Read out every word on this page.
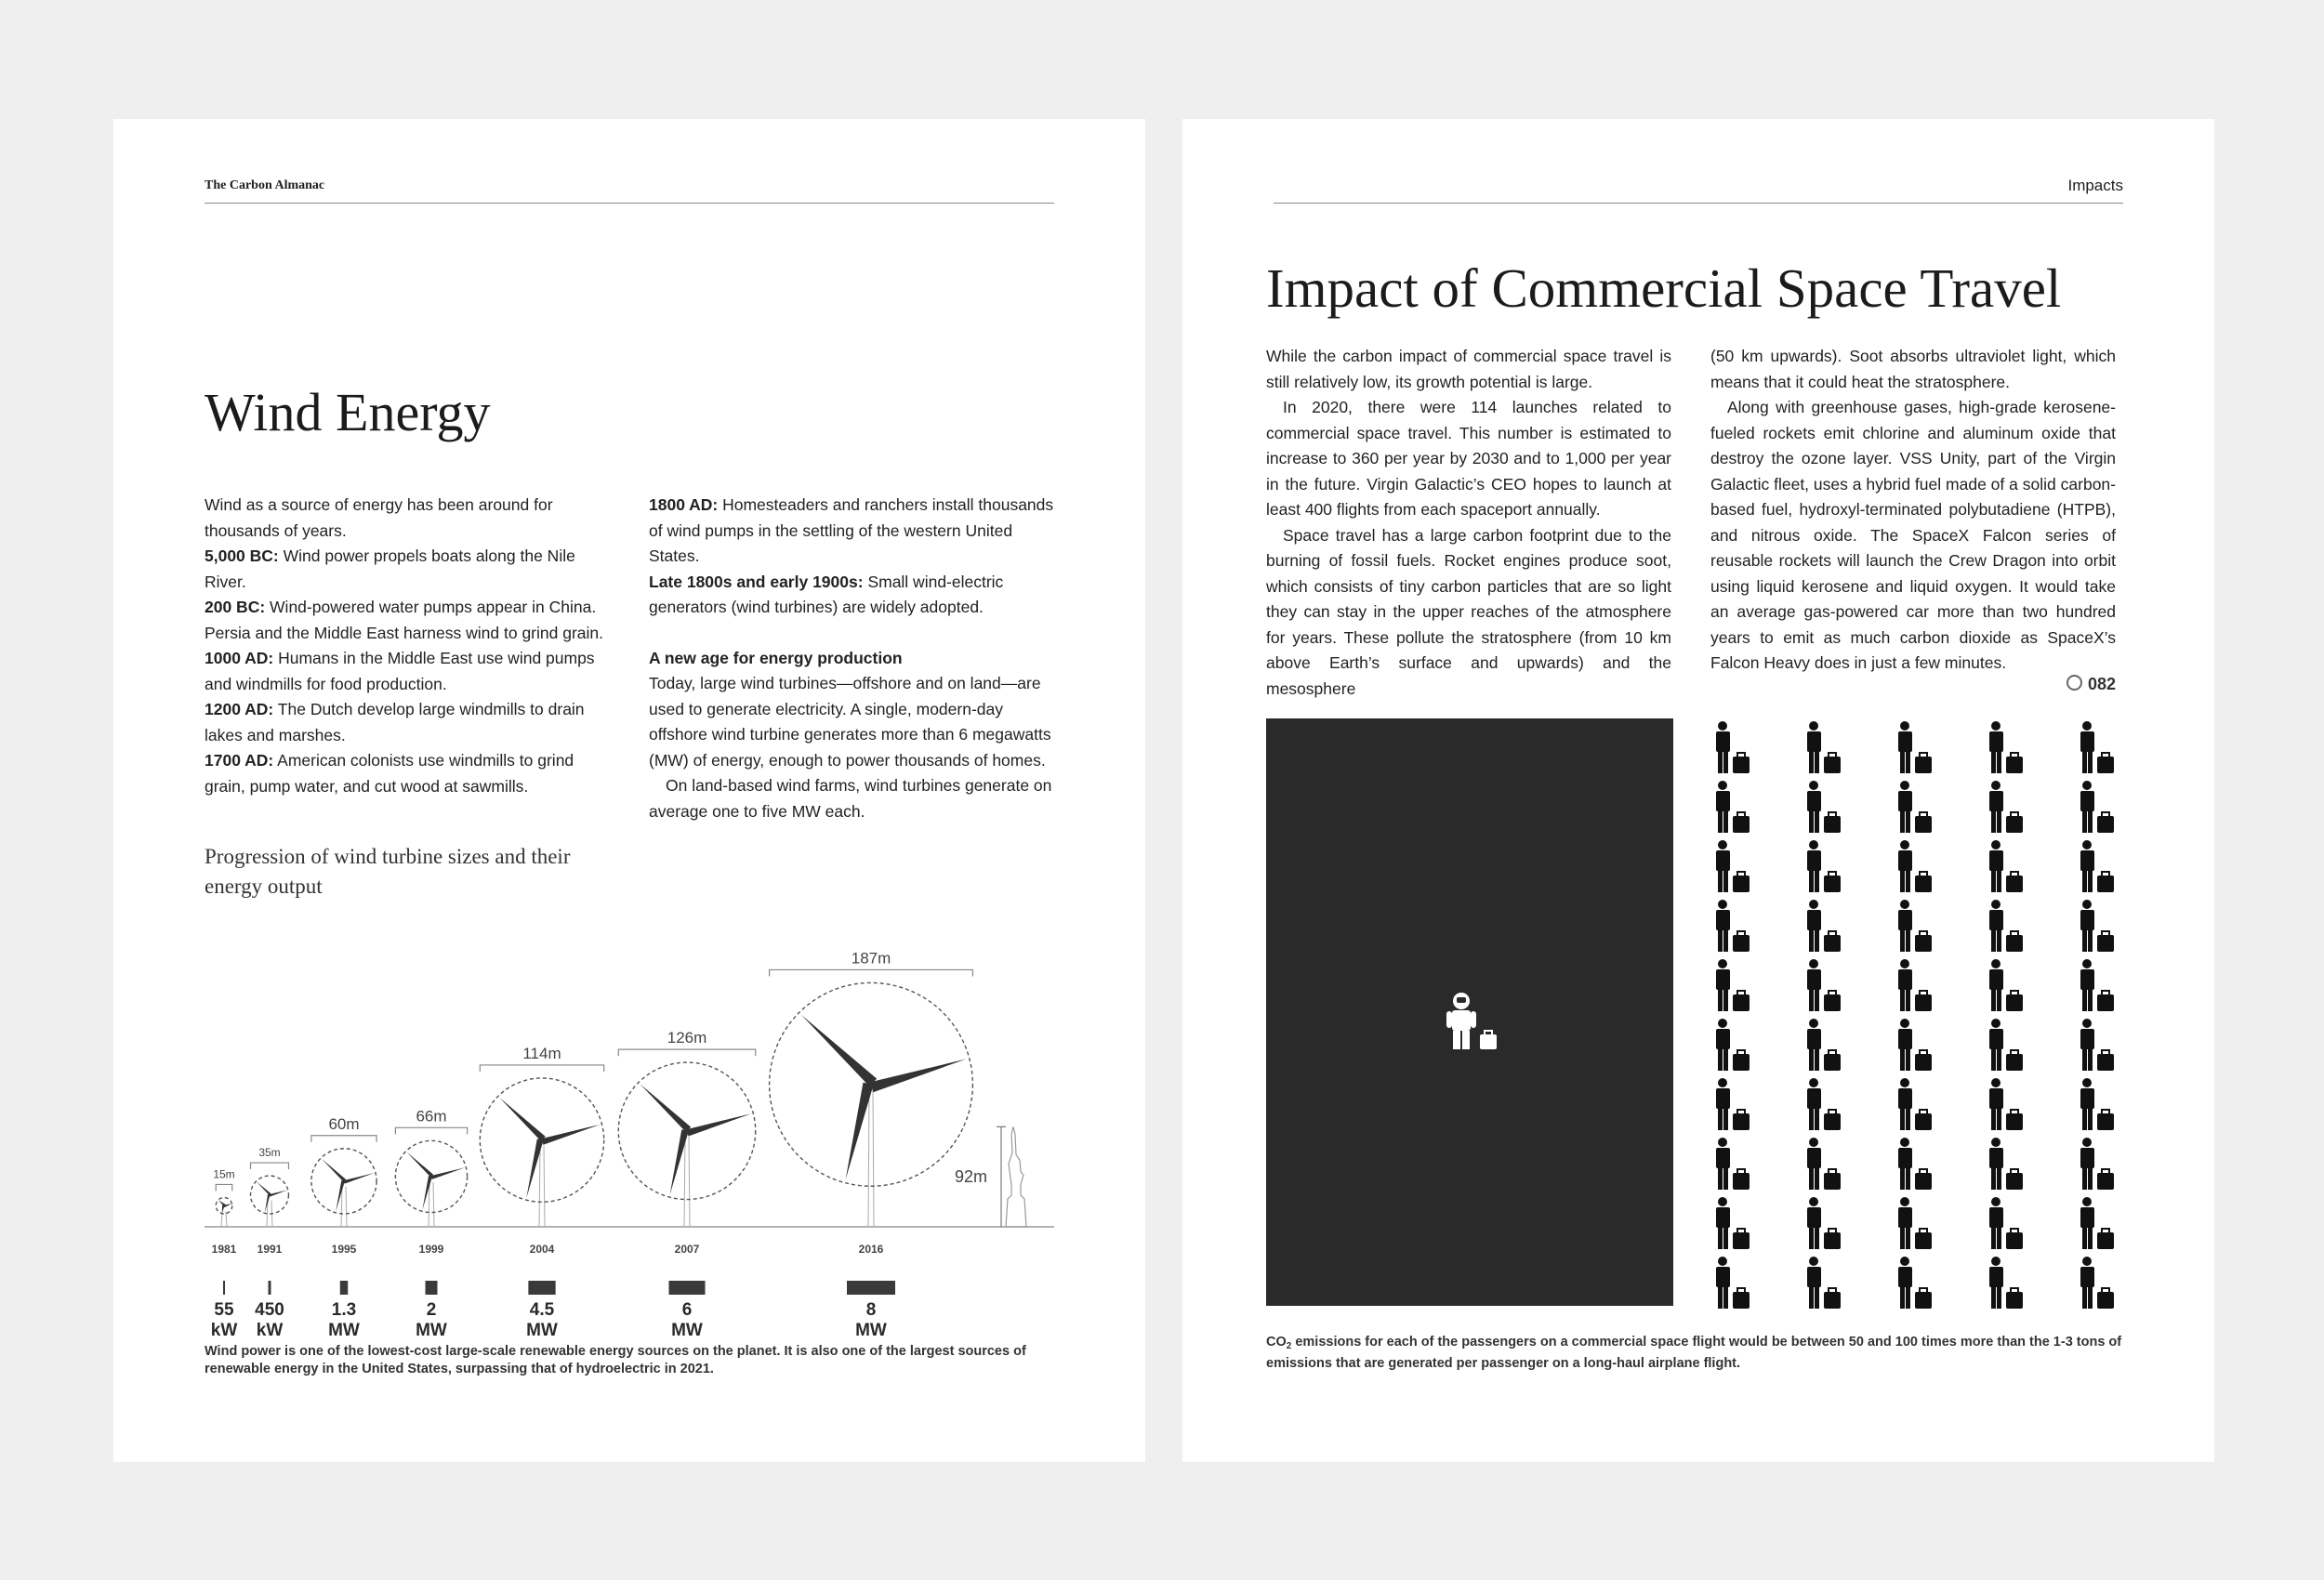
The Carbon Almanac
Wind Energy

Wind as a source of energy has been around for thousands of years.

5,000 BC: Wind power propels boats along the Nile River.

200 BC: Wind-powered water pumps appear in China. Persia and the Middle East harness wind to grind grain.

1000 AD: Humans in the Middle East use wind pumps and windmills for food production.

1200 AD: The Dutch develop large windmills to drain lakes and marshes.

1700 AD: American colonists use windmills to grind grain, pump water, and cut wood at sawmills.

1800 AD: Homesteaders and ranchers install thousands of wind pumps in the settling of the western United States.

Late 1800s and early 1900s: Small wind-electric generators (wind turbines) are widely adopted.

A new age for energy production

Today, large wind turbines—offshore and on land—are used to generate electricity. A single, modern-day offshore wind turbine generates more than 6 megawatts (MW) of energy, enough to power thousands of homes.

On land-based wind farms, wind turbines generate on average one to five MW each.

Progression of wind turbine sizes and their energy output
15m
1981
55
kW
35m
1991
450
kW
60m
1995
1.3
MW
66m
1999
2
MW
114m
2004
4.5
MW
126m
2007
6
MW
187m
2016
8
MW
92m
Wind power is one of the lowest-cost large-scale renewable energy sources on the planet. It is also one of the largest sources of renewable energy in the United States, surpassing that of hydroelectric in 2021.
Impacts
Impact of Commercial Space Travel

While the carbon impact of commercial space travel is still relatively low, its growth potential is large.

In 2020, there were 114 launches related to commercial space travel. This number is estimated to increase to 360 per year by 2030 and to 1,000 per year in the future. Virgin Galactic’s CEO hopes to launch at least 400 flights from each spaceport annually.

Space travel has a large carbon footprint due to the burning of fossil fuels. Rocket engines produce soot, which consists of tiny carbon particles that are so light they can stay in the upper reaches of the atmosphere for years. These pollute the stratosphere (from 10 km above Earth’s surface and upwards) and the mesosphere

(50 km upwards). Soot absorbs ultraviolet light, which means that it could heat the stratosphere.

Along with greenhouse gases, high-grade kerosene-fueled rockets emit chlorine and aluminum oxide that destroy the ozone layer. VSS Unity, part of the Virgin Galactic fleet, uses a hybrid fuel made of a solid carbon-based fuel, hydroxyl-terminated polybutadiene (HTPB), and nitrous oxide. The SpaceX Falcon series of reusable rockets will launch the Crew Dragon into orbit using liquid kerosene and liquid oxygen. It would take an average gas-powered car more than two hundred years to emit as much carbon dioxide as SpaceX’s Falcon Heavy does in just a few minutes.

082
$CO_2$ emissions for each of the passengers on a commercial space flight would be between 50 and 100 times more than the 1-3 tons of emissions that are generated per passenger on a long-haul airplane flight.
